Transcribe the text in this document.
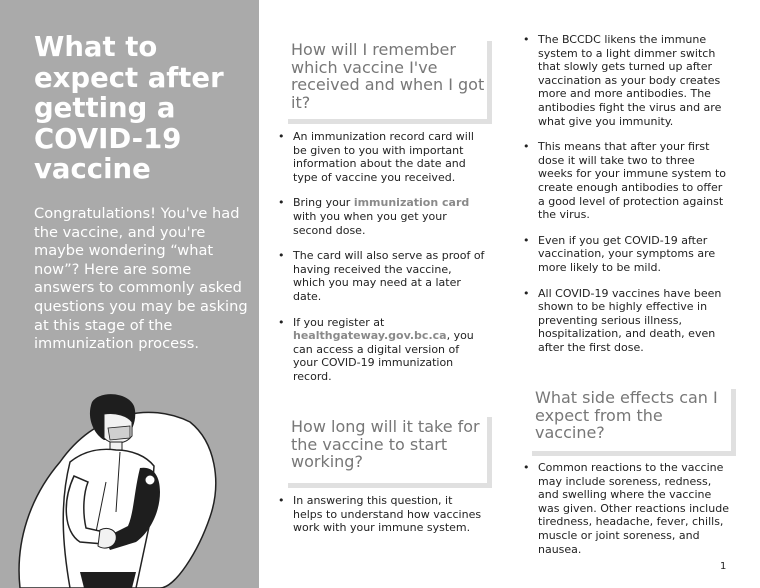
What to expect after getting a COVID-19 vaccine

Congratulations! You've had the vaccine, and you're maybe wondering “what now”? Here are some answers to commonly asked questions you may be asking at this stage of the immunization process.

How will I remember which vaccine I've received and when I got it?
• An immunization record card will be given to you with important information about the date and type of vaccine you received.
• Bring your immunization card with you when you get your second dose.
• The card will also serve as proof of having received the vaccine, which you may need at a later date.
• If you register at healthgateway.gov.bc.ca, you can access a digital version of your COVID-19 immunization record.
How long will it take for the vaccine to start working?
• In answering this question, it helps to understand how vaccines work with your immune system.
• The BCCDC likens the immune system to a light dimmer switch that slowly gets turned up after vaccination as your body creates more and more antibodies. The antibodies fight the virus and are what give you immunity.
• This means that after your first dose it will take two to three weeks for your immune system to create enough antibodies to offer a good level of protection against the virus.
• Even if you get COVID-19 after vaccination, your symptoms are more likely to be mild.
• All COVID-19 vaccines have been shown to be highly effective in preventing serious illness, hospitalization, and death, even after the first dose.
What side effects can I expect from the vaccine?
• Common reactions to the vaccine may include soreness, redness, and swelling where the vaccine was given. Other reactions include tiredness, headache, fever, chills, muscle or joint soreness, and nausea.
1
